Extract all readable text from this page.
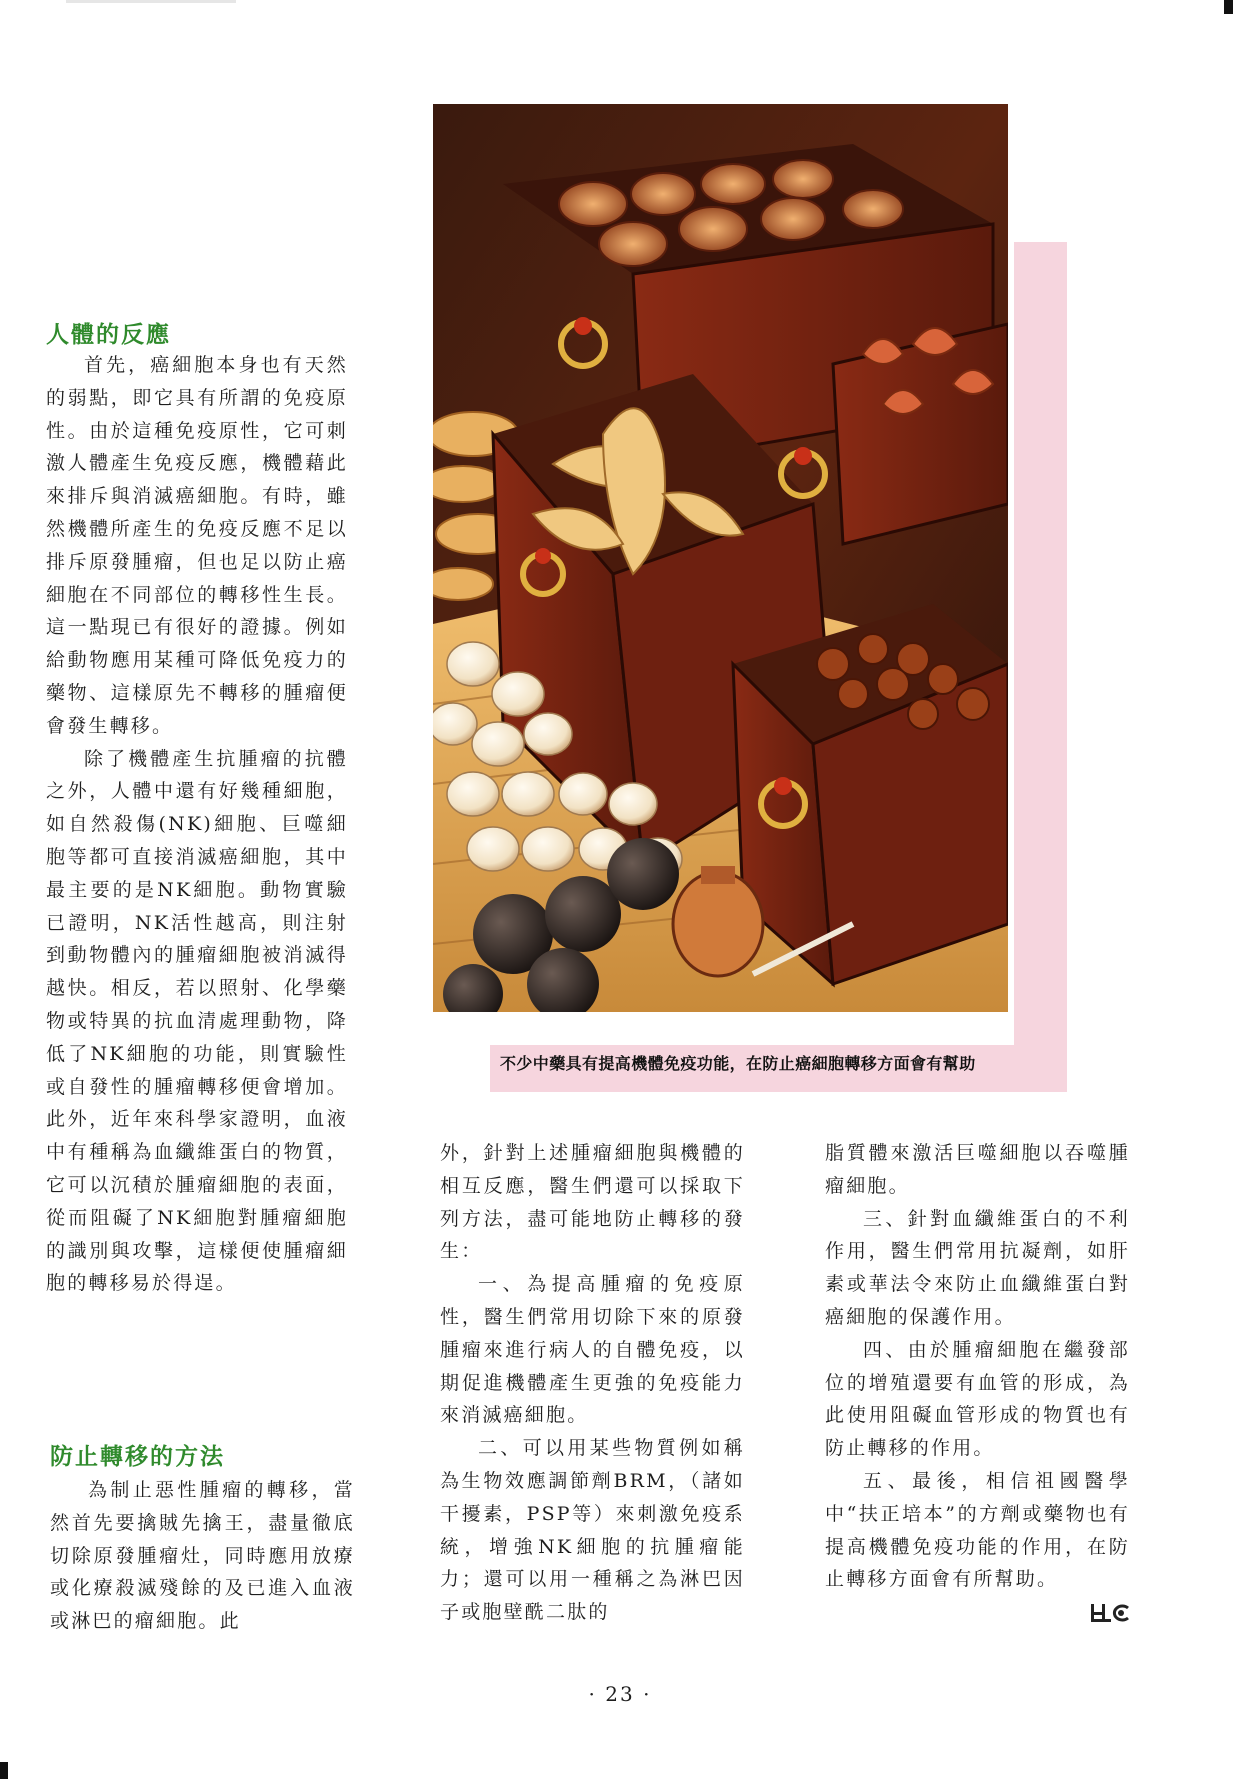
人體的反應

首先，癌細胞本身也有天然的弱點，即它具有所謂的免疫原性。由於這種免疫原性，它可刺激人體產生免疫反應，機體藉此來排斥與消滅癌細胞。有時，雖然機體所產生的免疫反應不足以排斥原發腫瘤，但也足以防止癌細胞在不同部位的轉移性生長。這一點現已有很好的證據。例如給動物應用某種可降低免疫力的藥物、這樣原先不轉移的腫瘤便會發生轉移。

除了機體產生抗腫瘤的抗體之外，人體中還有好幾種細胞，如自然殺傷(NK)細胞、巨噬細胞等都可直接消滅癌細胞，其中最主要的是NK細胞。動物實驗已證明，NK活性越高，則注射到動物體內的腫瘤細胞被消滅得越快。相反，若以照射、化學藥物或特異的抗血清處理動物，降低了NK細胞的功能，則實驗性或自發性的腫瘤轉移便會增加。此外，近年來科學家證明，血液中有種稱為血纖維蛋白的物質，它可以沉積於腫瘤細胞的表面，從而阻礙了NK細胞對腫瘤細胞的識別與攻擊，這樣便使腫瘤細胞的轉移易於得逞。

防止轉移的方法

為制止惡性腫瘤的轉移，當然首先要擒賊先擒王，盡量徹底切除原發腫瘤灶，同時應用放療或化療殺滅殘餘的及已進入血液或淋巴的瘤細胞。此

外，針對上述腫瘤細胞與機體的相互反應，醫生們還可以採取下列方法，盡可能地防止轉移的發生：

一、為提高腫瘤的免疫原性，醫生們常用切除下來的原發腫瘤來進行病人的自體免疫，以期促進機體產生更強的免疫能力來消滅癌細胞。

二、可以用某些物質例如稱為生物效應調節劑BRM，（諸如干擾素，PSP等）來刺激免疫系統，增強NK細胞的抗腫瘤能力；還可以用一種稱之為淋巴因子或胞壁酰二肽的

脂質體來激活巨噬細胞以吞噬腫瘤細胞。

三、針對血纖維蛋白的不利作用，醫生們常用抗凝劑，如肝素或華法令來防止血纖維蛋白對癌細胞的保護作用。

四、由於腫瘤細胞在繼發部位的增殖還要有血管的形成，為此使用阻礙血管形成的物質也有防止轉移的作用。

五、最後，相信祖國醫學中“扶正培本”的方劑或藥物也有提高機體免疫功能的作用，在防止轉移方面會有所幫助。

不少中藥具有提高機體免疫功能，在防止癌細胞轉移方面會有幫助
· 23 ·
